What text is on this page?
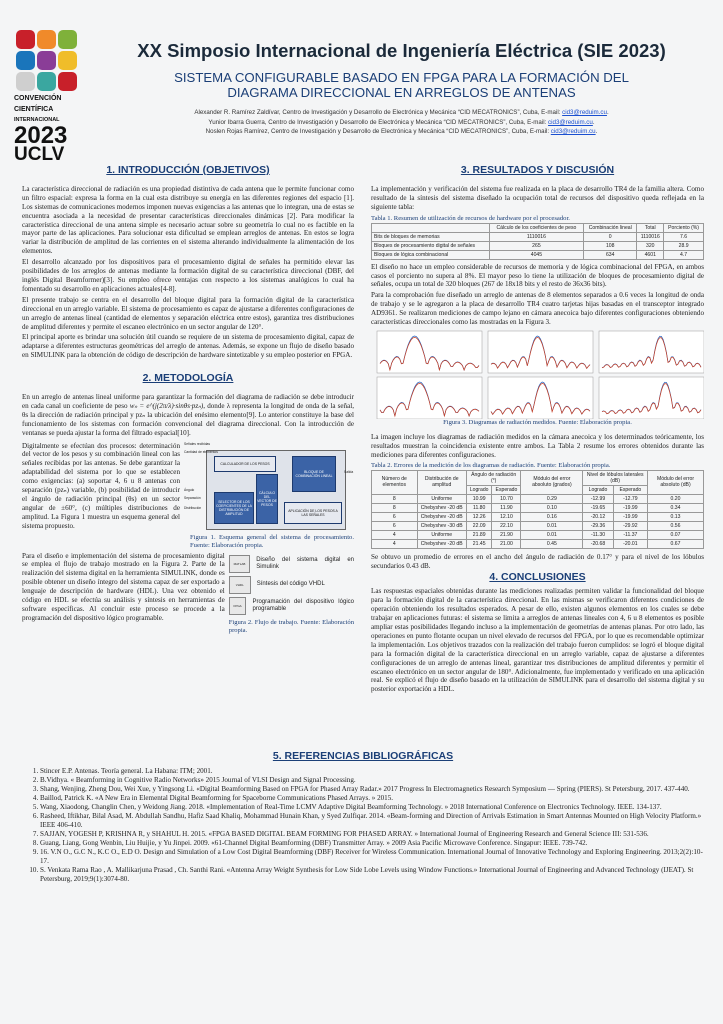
CONVENCIÓN
CIENTÍFICA
INTERNACIONAL
2023
UCLV
XX Simposio Internacional de Ingeniería Eléctrica (SIE 2023)
SISTEMA CONFIGURABLE BASADO EN FPGA PARA LA FORMACIÓN DEL
DIAGRAMA DIRECCIONAL EN ARREGLOS DE ANTENAS
Alexander R. Ramírez Zaldívar, Centro de Investigación y Desarrollo de Electrónica y Mecánica “CID MECATRONICS”, Cuba, E-mail: cid3@reduim.cu.
Yunior Ibarra Guerra, Centro de Investigación y Desarrollo de Electrónica y Mecánica “CID MECATRONICS”, Cuba, E-mail: cid3@reduim.cu.
Noslen Rojas Ramírez, Centro de Investigación y Desarrollo de Electrónica y Mecánica “CID MECATRONICS”, Cuba, E-mail: cid3@reduim.cu.
1. INTRODUCCIÓN (OBJETIVOS)

La característica direccional de radiación es una propiedad distintiva de cada antena que le permite funcionar como un filtro espacial: expresa la forma en la cual esta distribuye su energía en las diferentes regiones del espacio [1]. Los sistemas de comunicaciones modernos imponen nuevas exigencias a las antenas que lo integran, una de estas se encuentra asociada a la necesidad de presentar características direccionales dinámicas [2]. Para modificar la característica direccional de una antena simple es necesario actuar sobre su geometría lo cual no es factible en la mayor parte de las aplicaciones. Para solucionar esta dificultad se emplean arreglos de antenas. En estos se logra variar la distribución de amplitud de las corrientes en el sistema alterando individualmente la alimentación de los elementos.

El desarrollo alcanzado por los dispositivos para el procesamiento digital de señales ha permitido elevar las posibilidades de los arreglos de antenas mediante la formación digital de su característica direccional (DBF, del inglés Digital Beamformer)[3]. Su empleo ofrece ventajas con respecto a los sistemas analógicos lo cual ha fomentado su desarrollo en aplicaciones actuales[4-8].

El presente trabajo se centra en el desarrollo del bloque digital para la formación digital de la característica direccional en un arreglo variable. El sistema de procesamiento es capaz de ajustarse a diferentes configuraciones de un arreglo de antenas lineal (cantidad de elementos y separación eléctrica entre estos), garantiza tres distribuciones de amplitud diferentes y permite el escaneo electrónico en un sector angular de 120°.

El principal aporte es brindar una solución útil cuando se requiere de un sistema de procesamiento digital, capaz de adaptarse a diferentes estructuras geométricas del arreglo de antenas. Además, se expone un flujo de diseño basado en SIMULINK para la obtención de código de descripción de hardware sintetizable y su empleo posterior en FPGA.

2. METODOLOGÍA

En un arreglo de antenas lineal uniforme para garantizar la formación del diagrama de radiación se debe introducir en cada canal un coeficiente de peso wₙ = e^(j(2π/λ)·sinθs·pzₙ), donde λ representa la longitud de onda de la señal, θs la dirección de radiación principal y pzₙ la ubicación del enésimo elemento[9]. Lo anterior constituye la base del funcionamiento de los sistemas con formación convencional del diagrama direccional. Con la introducción de ventanas se pueda ajustar la forma del filtrado espacial[10].

Digitalmente se efectúan dos procesos: determinación del vector de los pesos y su combinación lineal con las señales recibidas por las antenas. Se debe garantizar la adaptabilidad del sistema por lo que se establecen como exigencias: (a) soportar 4, 6 u 8 antenas con separación (pzₙ) variable, (b) posibilidad de introducir el ángulo de radiación principal (θs) en un sector angular de ±60°, (c) múltiples distribuciones de amplitud. La Figura 1 muestra un esquema general del sistema propuesto.

Señales recibidas
Cantidad de elementos
Ángulo
Separación
Distribución
CALCULADOR DE LOS PESOS
SELECTOR DE LOS COEFICIENTES DE LA DISTRIBUCIÓN DE AMPLITUD
CÁLCULO DEL VECTOR DE PESOS
BLOQUE DE COMBINACIÓN LINEAL
APLICACIÓN DE LOS PESOS A LAS SEÑALES
Salida
Figura 1. Esquema general del sistema de procesamiento. Fuente: Elaboración propia.

Para el diseño e implementación del sistema de procesamiento digital se emplea el flujo de trabajo mostrado en la Figura 2. Parte de la realización del sistema digital en la herramienta SIMULINK, donde es posible obtener un diseño íntegro del sistema capaz de ser exportado a lenguaje de descripción de hardware (HDL). Una vez obtenido el código en HDL se efectúa su análisis y síntesis en herramientas de software específicas. Al concluir este proceso se procede a la programación del dispositivo lógico programable.

MATLAB
Diseño del sistema digital en Simulink
VHDL	Síntesis del código VHDL
FPGA
Programación del dispositivo lógico programable
Figura 2. Flujo de trabajo. Fuente: Elaboración propia.
3. RESULTADOS Y DISCUSIÓN

La implementación y verificación del sistema fue realizada en la placa de desarrollo TR4 de la familia altera. Como resultado de la síntesis del sistema diseñado la ocupación total de recursos del dispositivo queda reflejada en la siguiente tabla:

Tabla 1. Resumen de utilización de recursos de hardware por el procesador.
	Cálculo de los coeficientes de peso	Combinación lineal	Total	Porciento (%)
Bits de bloques de memorias	1110016	0	1110016	7.6
Bloques de procesamiento digital de señales	265	108	320	28.9
Bloques de lógica combinacional	4045	634	4601	4.7

El diseño no hace un empleo considerable de recursos de memoria y de lógica combinacional del FPGA, en ambos casos el porciento no supera al 8%. El mayor peso lo tiene la utilización de bloques de procesamiento digital de señales, ocupa un total de 320 bloques (267 de 18x18 bits y el resto de 36x36 bits).

Para la comprobación fue diseñado un arreglo de antenas de 8 elementos separados a 0.6 veces la longitud de onda de trabajo y se le agregaron a la placa de desarrollo TR4 cuatro tarjetas hijas basadas en el transceptor integrado AD9361. Se realizaron mediciones de campo lejano en cámara anecoica bajo diferentes configuraciones obteniendo características direccionales como las mostradas en la Figura 3.

Figura 3. Diagramas de radiación medidos. Fuente: Elaboración propia.

La imagen incluye los diagramas de radiación medidos en la cámara anecoica y los determinados teóricamente, los resultados muestran la coincidencia existente entre ambos. La Tabla 2 resume los errores obtenidos durante las mediciones para diferentes configuraciones.

Tabla 2. Errores de la medición de los diagramas de radiación. Fuente: Elaboración propia.
Número de elementos	Distribución de amplitud	Ángulo de radiación (°)		Módulo del error absoluto (grados)	Nivel de lóbulos laterales (dB)		Módulo del error absoluto (dB)
		Logrado	Esperado		Logrado	Esperado	
8	Uniforme	10.99	10.70	0.29	-12.99	-12.79	0.20
8	Chebyshev -20 dB	11.80	11.90	0.10	-19.65	-19.99	0.34
6	Chebyshev -20 dB	12.26	12.10	0.16	-20.12	-19.99	0.13
6	Chebyshev -30 dB	22.09	22.10	0.01	-29.36	-29.92	0.56
4	Uniforme	21.89	21.90	0.01	-11.30	-11.37	0.07
4	Chebyshev -20 dB	21.45	21.00	0.45	-20.68	-20.01	0.67

Se obtuvo un promedio de errores en el ancho del ángulo de radiación de 0.17° y para el nivel de los lóbulos secundarios 0.43 dB.

4. CONCLUSIONES

Las respuestas espaciales obtenidas durante las mediciones realizadas permiten validar la funcionalidad del bloque para la formación digital de la característica direccional. En las mismas se verificaron diferentes condiciones de operación obteniendo los resultados esperados. A pesar de ello, existen algunos elementos en los cuales se debe trabajar en aplicaciones futuras: el sistema se limita a arreglos de antenas lineales con 4, 6 u 8 elementos es posible ampliar estas posibilidades llegando incluso a la implementación de geometrías de antenas planas. Por otro lado, las operaciones en punto flotante ocupan un nivel elevado de recursos del FPGA, por lo que es recomendable optimizar la implementación. Los objetivos trazados con la realización del trabajo fueron cumplidos: se logró el bloque digital para la formación digital de la característica direccional en un arreglo variable, capaz de ajustarse a diferentes configuraciones de un arreglo de antenas lineal, garantizar tres distribuciones de amplitud diferentes y permitir el escaneo electrónico en un sector angular de 180°. Adicionalmente, fue implementado y verificado en una aplicación real. Se explicó el flujo de diseño basado en la utilización de SIMULINK para el desarrollo del sistema digital y su posterior exportación a HDL.

5. REFERENCIAS BIBLIOGRÁFICAS
1. Stincer E.P. Antenas. Teoría general. La Habana: ITM; 2001.
2. B.Vidhya. « Beamforming in Cognitive Radio Networks» 2015 Journal of VLSI Design and Signal Processing.
3. Shang, Wenjing, Zheng Dou, Wei Xue, y Yingsong Li. «Digital Beamforming Based on FPGA for Phased Array Radar.» 2017 Progress In Electromagnetics Research Symposium — Spring (PIERS). St Petersburg, 2017. 437-440.
4. Baillod, Patrick K. «A New Era in Elemental Digital Beamforming for Spaceborne Communications Phased Arrays. » 2015.
5. Wang, Xiaodong, Changlin Chen, y Weidong Jiang. 2018. «Implementation of Real-Time LCMV Adaptive Digital Beamforming Technology. » 2018 International Conference on Electronics Technology. IEEE. 134-137.
6. Rasheed, Iftikhar, Bilal Asad, M. Abdullah Sandhu, Hafiz Saad Khaliq, Mohammad Hunain Khan, y Syed Zulfiqar. 2014. «Beam-forming and Direction of Arrivals Estimation in Smart Antennas Mounted on High Velocity Platform.» IEEE 406-410.
7. SAJJAN, YOGESH P, KRISHNA R, y SHAHUL H. 2015. «FPGA BASED DIGITAL BEAM FORMING FOR PHASED ARRAY. » International Journal of Engineering Research and General Science III: 531-536.
8. Guang, Liang, Gong Wenbin, Liu Huijie, y Yu Jinpei. 2009. «61-Channel Digital Beamforming (DBF) Transmitter Array. » 2009 Asia Pacific Microwave Conference. Singapur: IEEE. 739-742.
9. 16. V.N O., G.C N., K.C O., E.D O. Design and Simulation of a Low Cost Digital Beamforming (DBF) Receiver for Wireless Communication. International Journal of Innovative Technology and Exploring Engineering. 2013;2(2):10-17.
10. S. Venkata Rama Rao , A. Mallikarjuna Prasad , Ch. Santhi Rani. «Antenna Array Weight Synthesis for Low Side Lobe Levels using Window Functions.» International Journal of Engineering and Advanced Technology (IJEAT). St Petersburg, 2019;9(1):3074-80.
